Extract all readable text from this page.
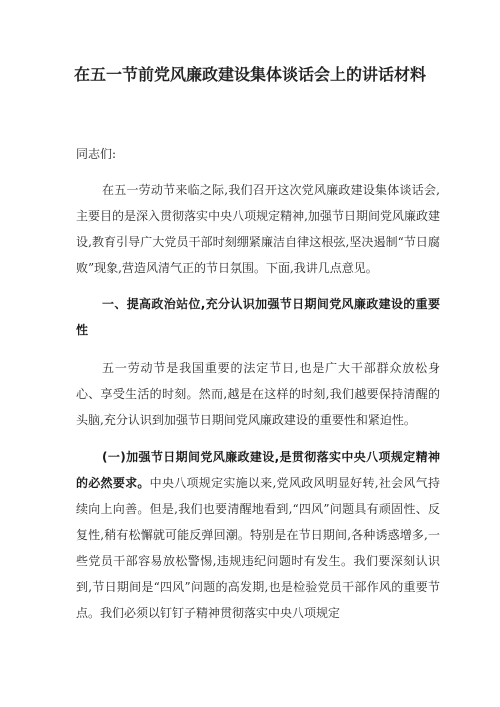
在五一节前党风廉政建设集体谈话会上的讲话材料

同志们:

在五一劳动节来临之际,我们召开这次党风廉政建设集体谈话会,主要目的是深入贯彻落实中央八项规定精神,加强节日期间党风廉政建设,教育引导广大党员干部时刻绷紧廉洁自律这根弦,坚决遏制“节日腐败”现象,营造风清气正的节日氛围。下面,我讲几点意见。

一、提高政治站位,充分认识加强节日期间党风廉政建设的重要性

五一劳动节是我国重要的法定节日,也是广大干部群众放松身心、享受生活的时刻。然而,越是在这样的时刻,我们越要保持清醒的头脑,充分认识到加强节日期间党风廉政建设的重要性和紧迫性。

(一)加强节日期间党风廉政建设,是贯彻落实中央八项规定精神的必然要求。中央八项规定实施以来,党风政风明显好转,社会风气持续向上向善。但是,我们也要清醒地看到,“四风”问题具有顽固性、反复性,稍有松懈就可能反弹回潮。特别是在节日期间,各种诱惑增多,一些党员干部容易放松警惕,违规违纪问题时有发生。我们要深刻认识到,节日期间是“四风”问题的高发期,也是检验党员干部作风的重要节点。我们必须以钉钉子精神贯彻落实中央八项规定
